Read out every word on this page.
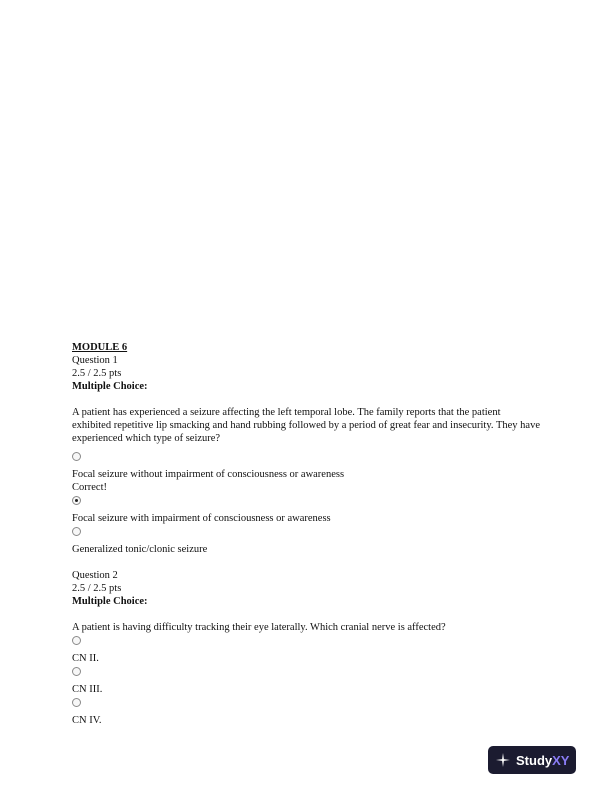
MODULE 6
Question 1
2.5 / 2.5 pts
Multiple Choice:
A patient has experienced a seizure affecting the left temporal lobe. The family reports that the patient exhibited repetitive lip smacking and hand rubbing followed by a period of great fear and insecurity. They have experienced which type of seizure?
Focal seizure without impairment of consciousness or awareness
Correct!
Focal seizure with impairment of consciousness or awareness
Generalized tonic/clonic seizure
Question 2
2.5 / 2.5 pts
Multiple Choice:
A patient is having difficulty tracking their eye laterally. Which cranial nerve is affected?
CN II.
CN III.
CN IV.
Study XY
